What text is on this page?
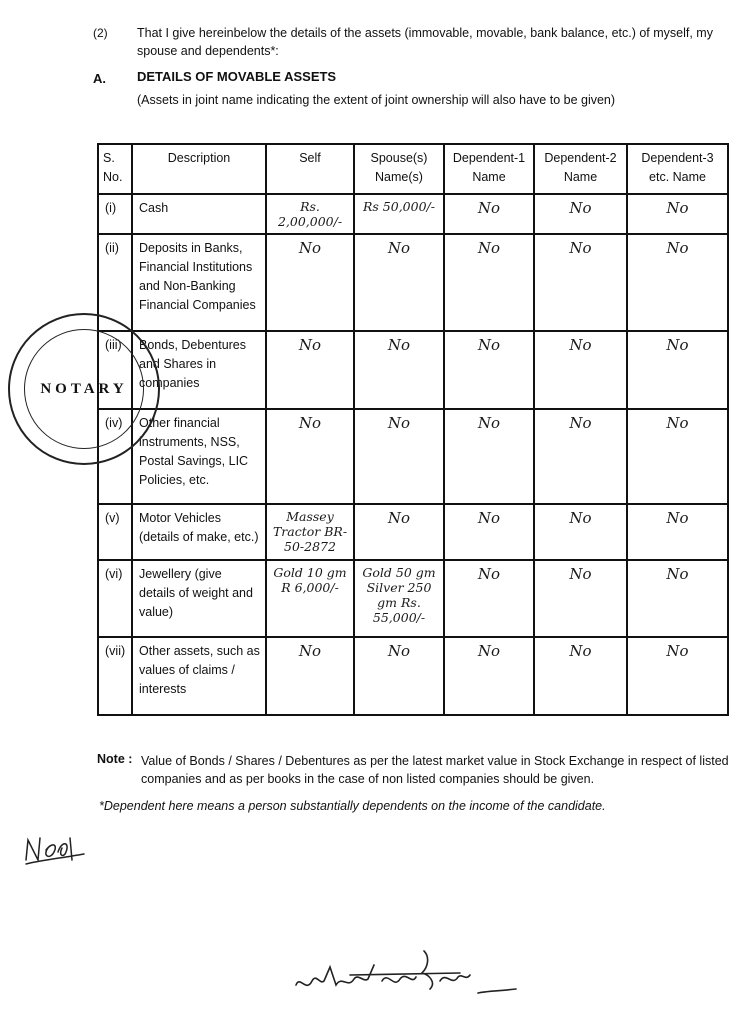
(2) That I give hereinbelow the details of the assets (immovable, movable, bank balance, etc.) of myself, my spouse and dependents*:
A. DETAILS OF MOVABLE ASSETS
(Assets in joint name indicating the extent of joint ownership will also have to be given)
S. No.	Description	Self	Spouse(s) Name(s)	Dependent-1 Name	Dependent-2 Name	Dependent-3 etc. Name
(i)	Cash	Rs. 2,00,000/-	Rs 50,000/-	No	No	No
(ii)	Deposits in Banks, Financial Institutions and Non-Banking Financial Companies	No	No	No	No	No
(iii)	Bonds, Debentures and Shares in companies	No	No	No	No	No
(iv)	Other financial instruments, NSS, Postal Savings, LIC Policies, etc.	No	No	No	No	No
(v)	Motor Vehicles (details of make, etc.)	Massey Tractor BR-50-2872	No	No	No	No
(vi)	Jewellery (give details of weight and value)	Gold 10 gm R 6,000/-	Gold 50 gm Silver 250 gm Rs. 55,000/-	No	No	No
(vii)	Other assets, such as values of claims / interests	No	No	No	No	No
Note : Value of Bonds / Shares / Debentures as per the latest market value in Stock Exchange in respect of listed companies and as per books in the case of non listed companies should be given.
*Dependent here means a person substantially dependents on the income of the candidate.
NOTARY
